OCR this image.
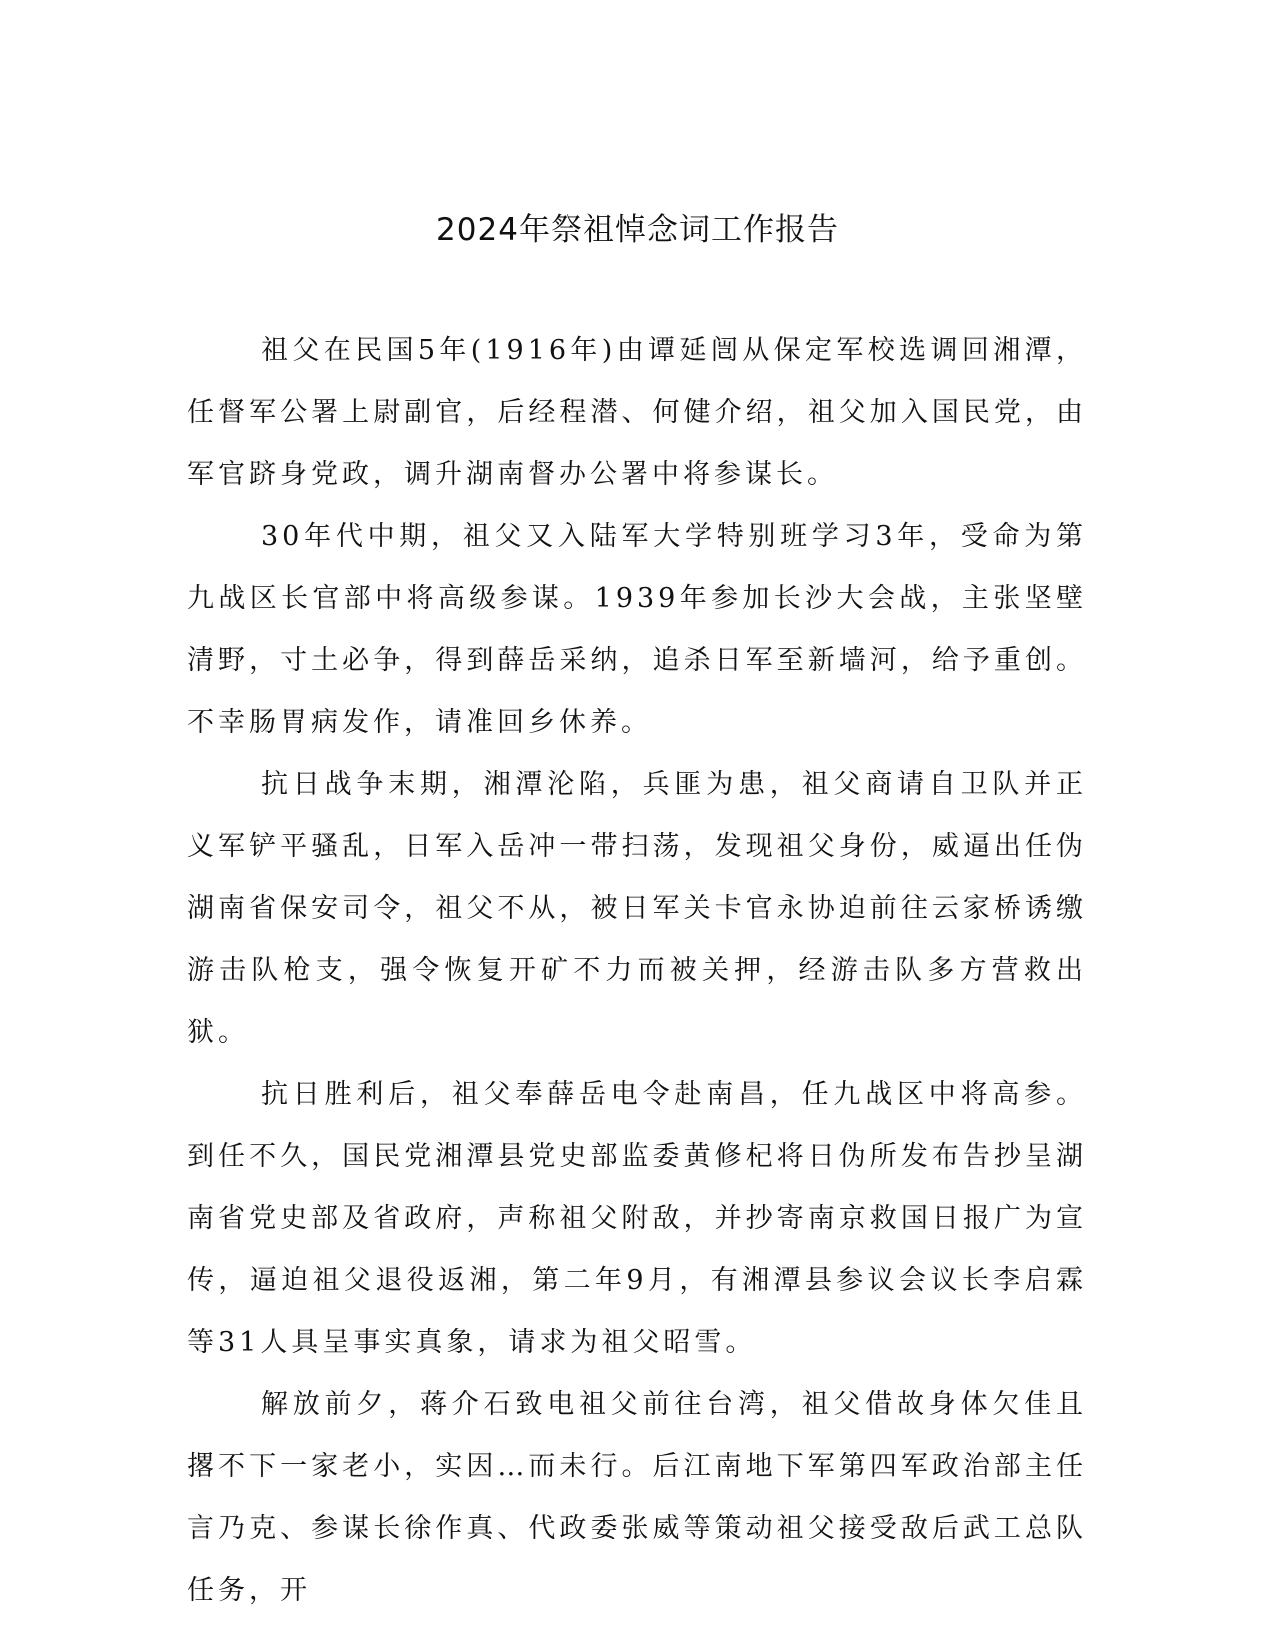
2024年祭祖悼念词工作报告

祖父在民国5年(1916年)由谭延闿从保定军校选调回湘潭，任督军公署上尉副官，后经程潜、何健介绍，祖父加入国民党，由军官跻身党政，调升湖南督办公署中将参谋长。

30年代中期，祖父又入陆军大学特别班学习3年，受命为第九战区长官部中将高级参谋。1939年参加长沙大会战，主张坚壁清野，寸土必争，得到薛岳采纳，追杀日军至新墙河，给予重创。不幸肠胃病发作，请准回乡休养。

抗日战争末期，湘潭沦陷，兵匪为患，祖父商请自卫队并正义军铲平骚乱，日军入岳冲一带扫荡，发现祖父身份，威逼出任伪湖南省保安司令，祖父不从，被日军关卡官永协迫前往云家桥诱缴游击队枪支，强令恢复开矿不力而被关押，经游击队多方营救出狱。

抗日胜利后，祖父奉薛岳电令赴南昌，任九战区中将高参。到任不久，国民党湘潭县党史部监委黄修杞将日伪所发布告抄呈湖南省党史部及省政府，声称祖父附敌，并抄寄南京救国日报广为宣传，逼迫祖父退役返湘，第二年9月，有湘潭县参议会议长李启霖等31人具呈事实真象，请求为祖父昭雪。

解放前夕，蒋介石致电祖父前往台湾，祖父借故身体欠佳且撂不下一家老小，实因…而未行。后江南地下军第四军政治部主任言乃克、参谋长徐作真、代政委张威等策动祖父接受敌后武工总队任务，开
